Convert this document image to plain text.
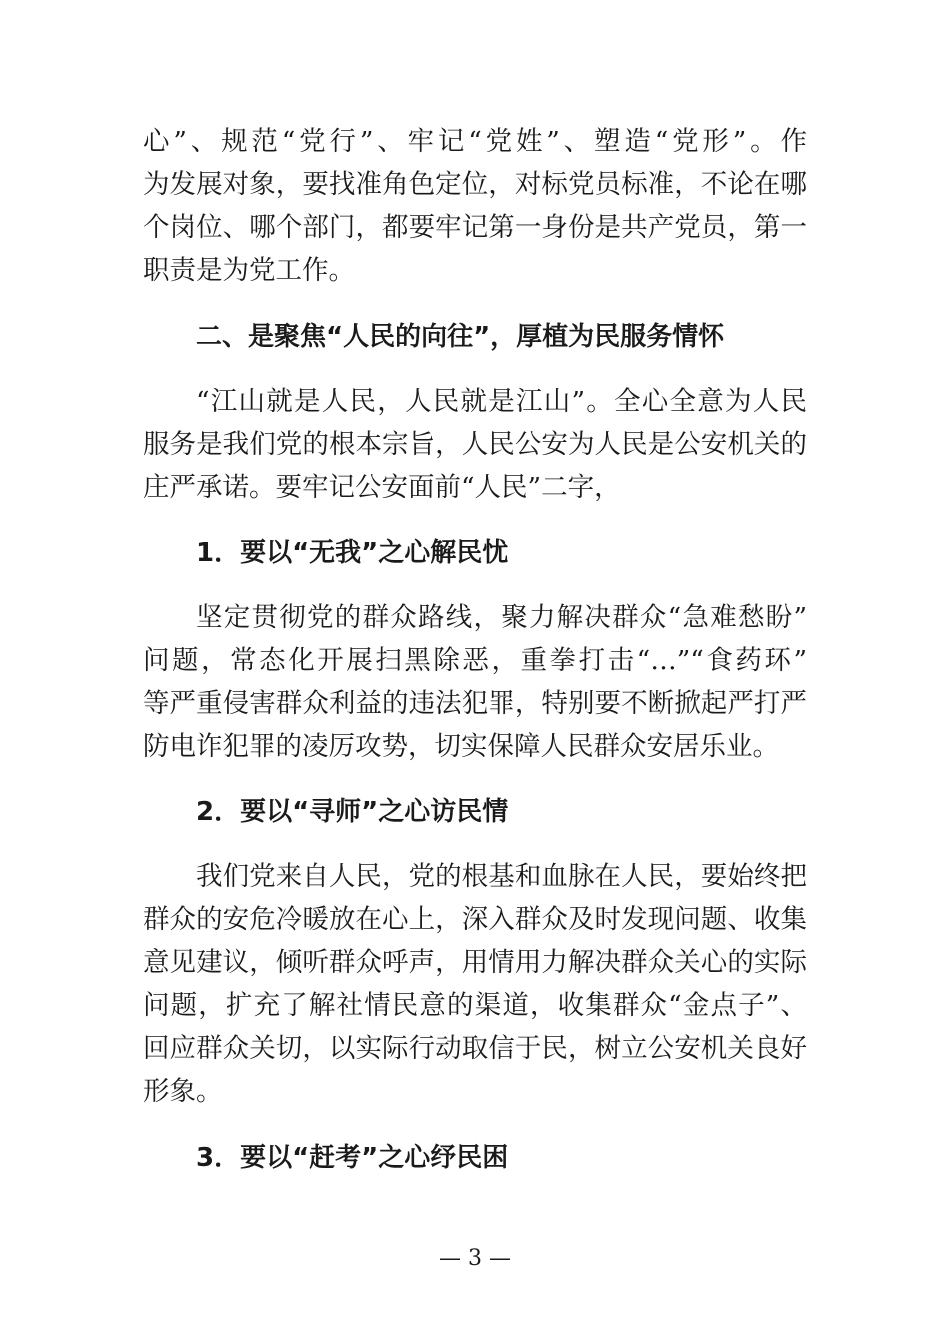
心”、规范“党行”、牢记“党姓”、塑造“党形”。作
为发展对象，要找准角色定位，对标党员标准，不论在哪
个岗位、哪个部门，都要牢记第一身份是共产党员，第一
职责是为党工作。
二、是聚焦“人民的向往”，厚植为民服务情怀
“江山就是人民，人民就是江山”。全心全意为人民
服务是我们党的根本宗旨，人民公安为人民是公安机关的
庄严承诺。要牢记公安面前“人民”二字，
1．要以“无我”之心解民忧
坚定贯彻党的群众路线，聚力解决群众“急难愁盼”
问题，常态化开展扫黑除恶，重拳打击“…”“食药环”
等严重侵害群众利益的违法犯罪，特别要不断掀起严打严
防电诈犯罪的凌厉攻势，切实保障人民群众安居乐业。
2．要以“寻师”之心访民情
我们党来自人民，党的根基和血脉在人民，要始终把
群众的安危冷暖放在心上，深入群众及时发现问题、收集
意见建议，倾听群众呼声，用情用力解决群众关心的实际
问题，扩充了解社情民意的渠道，收集群众“金点子”、
回应群众关切，以实际行动取信于民，树立公安机关良好
形象。
3．要以“赶考”之心纾民困
— 3 —
